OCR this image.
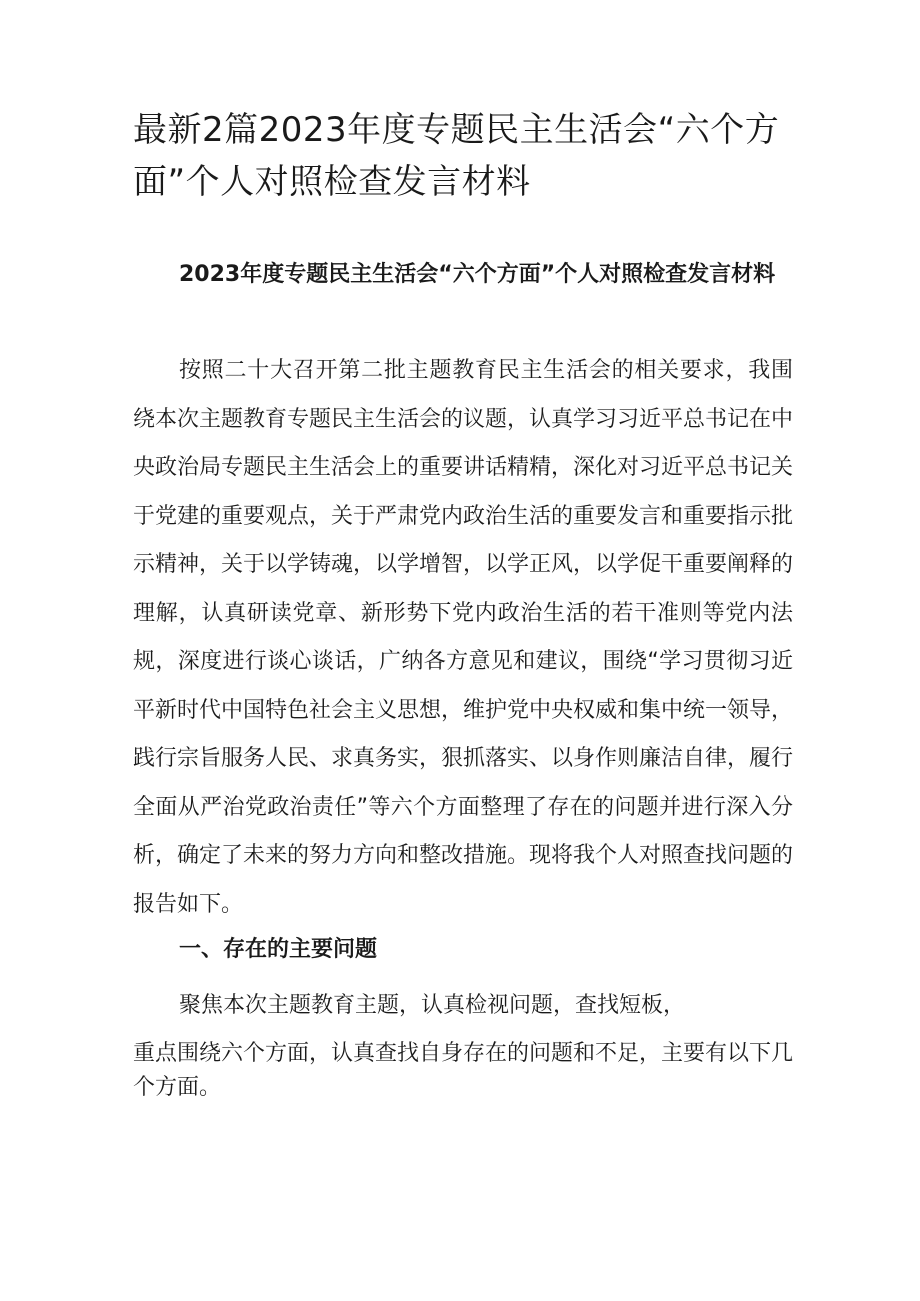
最新2篇2023年度专题民主生活会“六个方面”个人对照检查发言材料
2023年度专题民主生活会“六个方面”个人对照检查发言材料

按照二十大召开第二批主题教育民主生活会的相关要求，我围绕本次主题教育专题民主生活会的议题，认真学习习近平总书记在中央政治局专题民主生活会上的重要讲话精精，深化对习近平总书记关于党建的重要观点，关于严肃党内政治生活的重要发言和重要指示批示精神，关于以学铸魂，以学增智，以学正风，以学促干重要阐释的理解，认真研读党章、新形势下党内政治生活的若干准则等党内法规，深度进行谈心谈话，广纳各方意见和建议，围绕“学习贯彻习近平新时代中国特色社会主义思想，维护党中央权威和集中统一领导，践行宗旨服务人民、求真务实，狠抓落实、以身作则廉洁自律，履行全面从严治党政治责任”等六个方面整理了存在的问题并进行深入分析，确定了未来的努力方向和整改措施。现将我个人对照查找问题的报告如下。

一、存在的主要问题

聚焦本次主题教育主题，认真检视问题，查找短板，

重点围绕六个方面，认真查找自身存在的问题和不足，主要有以下几个方面。
